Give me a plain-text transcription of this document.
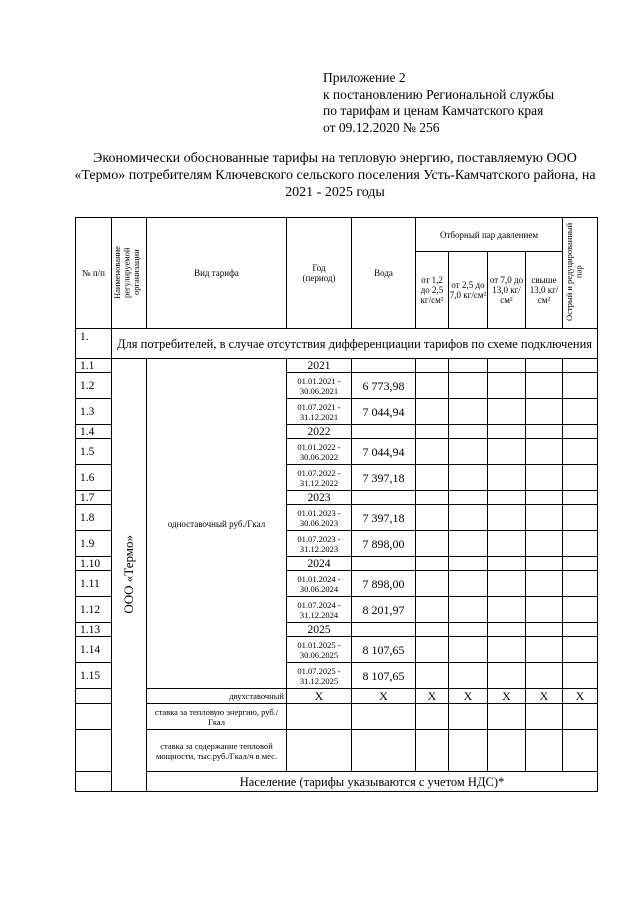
Приложение 2
к постановлению Региональной службы
по тарифам и ценам Камчатского края
от 09.12.2020 № 256
Экономически обоснованные тарифы на тепловую энергию, поставляемую ООО «Термо» потребителям Ключевского сельского поселения Усть-Камчатского района, на 2021 - 2025 годы
№ п/п	Наименование регулируемой организации	Вид тарифа	Год (период)	Вода	Отборный пар давлением				Острый и редуцированный пар
					от 1,2 до 2,5 кг/см²	от 2,5 до 7,0 кг/см²	от 7,0 до 13,0 кг/см²	свыше 13,0 кг/см²	
1.	Для потребителей, в случае отсутствия дифференциации тарифов по схеме подключения								
1.1	ООО «Термо»	одноставочный руб./Гкал	2021						
1.2			01.01.2021 - 30.06.2021	6 773,98					
1.3			01.07.2021 - 31.12.2021	7 044,94					
1.4			2022						
1.5			01.01.2022 - 30.06.2022	7 044,94					
1.6			01.07.2022 - 31.12.2022	7 397,18					
1.7			2023						
1.8			01.01.2023 - 30.06.2023	7 397,18					
1.9			01.07.2023 - 31.12.2023	7 898,00					
1.10			2024						
1.11			01.01.2024 - 30.06.2024	7 898,00					
1.12			01.07.2024 - 31.12.2024	8 201,97					
1.13			2025						
1.14			01.01.2025 - 30.06.2025	8 107,65					
1.15			01.07.2025 - 31.12.2025	8 107,65					
		двухставочный	X	X	X	X	X	X	X
		ставка за тепловую энергию, руб./Гкал							
		ставка за содержание тепловой мощности, тыс.руб./Гкал/ч в мес.							
		Население (тарифы указываются с учетом НДС)*							
